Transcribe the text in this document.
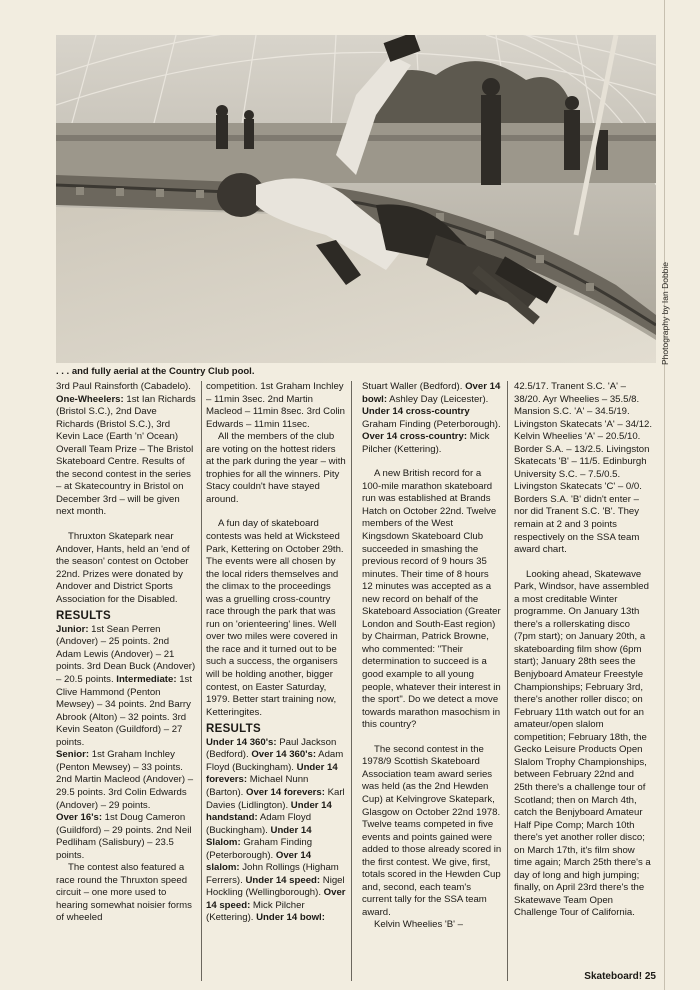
Photography by Ian Dobbie
. . . and fully aerial at the Country Club pool.

3rd Paul Rainsforth (Cabadelo).

One-Wheelers: 1st Ian Richards (Bristol S.C.), 2nd Dave Richards (Bristol S.C.), 3rd Kevin Lace (Earth 'n' Ocean) Overall Team Prize – The Bristol Skateboard Centre. Results of the second contest in the series – at Skatecountry in Bristol on December 3rd – will be given next month.

Thruxton Skatepark near Andover, Hants, held an 'end of the season' contest on October 22nd. Prizes were donated by Andover and District Sports Association for the Disabled.

RESULTS

Junior: 1st Sean Perren (Andover) – 25 points. 2nd Adam Lewis (Andover) – 21 points. 3rd Dean Buck (Andover) – 20.5 points. Intermediate: 1st Clive Hammond (Penton Mewsey) – 34 points. 2nd Barry Abrook (Alton) – 32 points. 3rd Kevin Seaton (Guildford) – 27 points.

Senior: 1st Graham Inchley (Penton Mewsey) – 33 points. 2nd Martin Macleod (Andover) – 29.5 points. 3rd Colin Edwards (Andover) – 29 points.

Over 16's: 1st Doug Cameron (Guildford) – 29 points. 2nd Neil Pedliham (Salisbury) – 23.5 points.

The contest also featured a race round the Thruxton speed circuit – one more used to hearing somewhat noisier forms of wheeled

competition. 1st Graham Inchley – 11min 3sec. 2nd Martin Macleod – 11min 8sec. 3rd Colin Edwards – 11min 11sec.

All the members of the club are voting on the hottest riders at the park during the year – with trophies for all the winners. Pity Stacy couldn't have stayed around.

A fun day of skateboard contests was held at Wicksteed Park, Kettering on October 29th. The events were all chosen by the local riders themselves and the climax to the proceedings was a gruelling cross-country race through the park that was run on 'orienteering' lines. Well over two miles were covered in the race and it turned out to be such a success, the organisers will be holding another, bigger contest, on Easter Saturday, 1979. Better start training now, Ketteringites.

RESULTS

Under 14 360's: Paul Jackson (Bedford). Over 14 360's: Adam Floyd (Buckingham). Under 14 forevers: Michael Nunn (Barton). Over 14 forevers: Karl Davies (Lidlington). Under 14 handstand: Adam Floyd (Buckingham). Under 14 Slalom: Graham Finding (Peterborough). Over 14 slalom: John Rollings (Higham Ferrers). Under 14 speed: Nigel Hockling (Wellingborough). Over 14 speed: Mick Pilcher (Kettering). Under 14 bowl:

Stuart Waller (Bedford). Over 14 bowl: Ashley Day (Leicester). Under 14 cross-country Graham Finding (Peterborough). Over 14 cross-country: Mick Pilcher (Kettering).

A new British record for a 100-mile marathon skateboard run was established at Brands Hatch on October 22nd. Twelve members of the West Kingsdown Skateboard Club succeeded in smashing the previous record of 9 hours 35 minutes. Their time of 8 hours 12 minutes was accepted as a new record on behalf of the Skateboard Association (Greater London and South-East region) by Chairman, Patrick Browne, who commented: "Their determination to succeed is a good example to all young people, whatever their interest in the sport". Do we detect a move towards marathon masochism in this country?

The second contest in the 1978/9 Scottish Skateboard Association team award series was held (as the 2nd Hewden Cup) at Kelvingrove Skatepark, Glasgow on October 22nd 1978. Twelve teams competed in five events and points gained were added to those already scored in the first contest. We give, first, totals scored in the Hewden Cup and, second, each team's current tally for the SSA team award.

Kelvin Wheelies 'B' –

42.5/17. Tranent S.C. 'A' – 38/20. Ayr Wheelies – 35.5/8. Mansion S.C. 'A' – 34.5/19. Livingston Skatecats 'A' – 34/12. Kelvin Wheelies 'A' – 20.5/10. Border S.A. – 13/2.5. Livingston Skatecats 'B' – 11/5. Edinburgh University S.C. – 7.5/0.5. Livingston Skatecats 'C' – 0/0. Borders S.A. 'B' didn't enter – nor did Tranent S.C. 'B'. They remain at 2 and 3 points respectively on the SSA team award chart.

Looking ahead, Skatewave Park, Windsor, have assembled a most creditable Winter programme. On January 13th there's a rollerskating disco (7pm start); on January 20th, a skateboarding film show (6pm start); January 28th sees the Benjyboard Amateur Freestyle Championships; February 3rd, there's another roller disco; on February 11th watch out for an amateur/open slalom competition; February 18th, the Gecko Leisure Products Open Slalom Trophy Championships, between February 22nd and 25th there's a challenge tour of Scotland; then on March 4th, catch the Benjyboard Amateur Half Pipe Comp; March 10th there's yet another roller disco; on March 17th, it's film show time again; March 25th there's a day of long and high jumping; finally, on April 23rd there's the Skatewave Team Open Challenge Tour of California.

Skateboard! 25
